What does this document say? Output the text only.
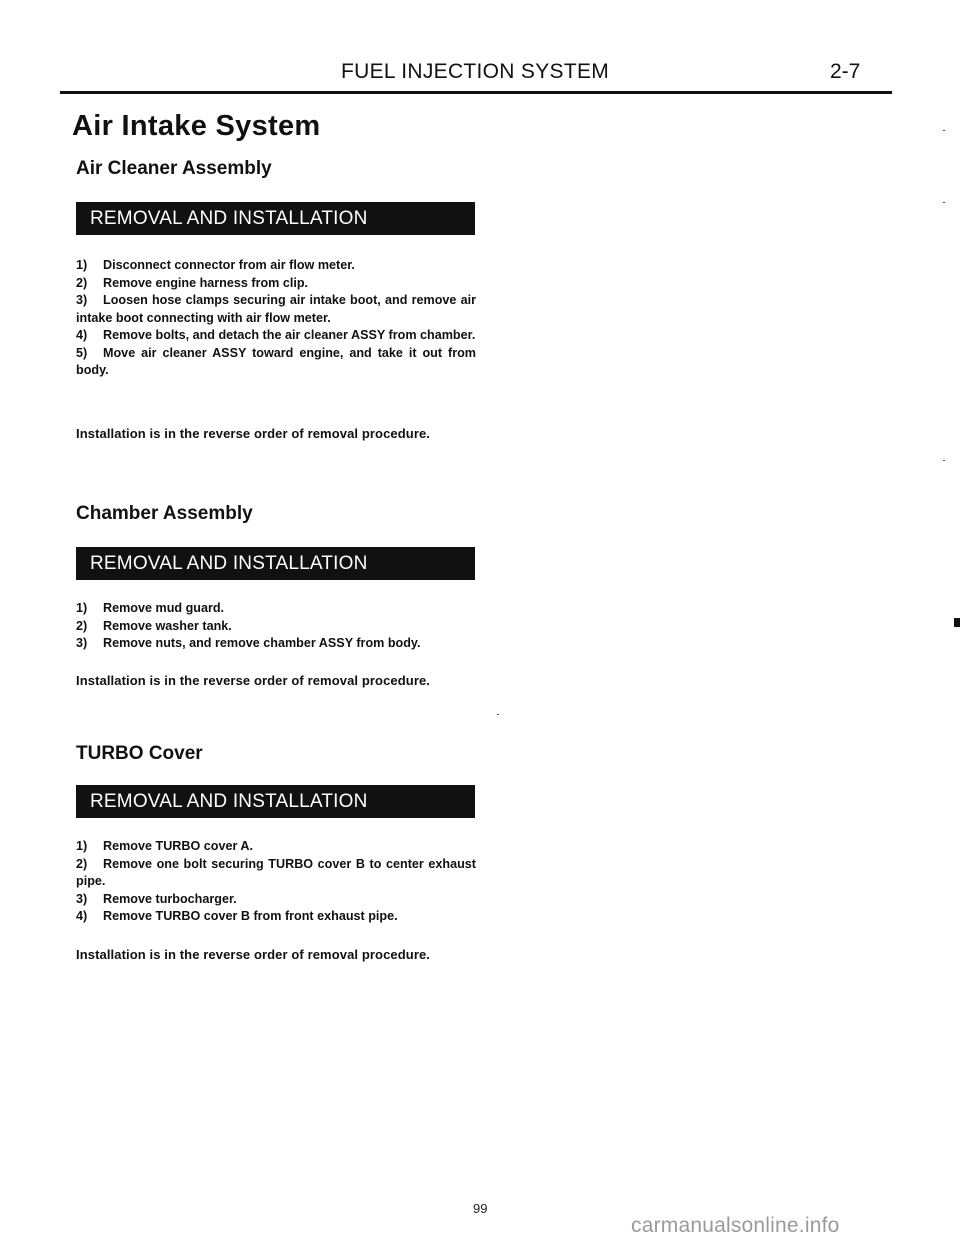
FUEL INJECTION SYSTEM	2-7
Air Intake System
Air Cleaner Assembly
REMOVAL AND INSTALLATION
1) Disconnect connector from air flow meter.
2) Remove engine harness from clip.
3) Loosen hose clamps securing air intake boot, and remove air intake boot connecting with air flow meter.
4) Remove bolts, and detach the air cleaner ASSY from chamber.
5) Move air cleaner ASSY toward engine, and take it out from body.
Installation is in the reverse order of removal procedure.
Chamber Assembly
REMOVAL AND INSTALLATION
1) Remove mud guard.
2) Remove washer tank.
3) Remove nuts, and remove chamber ASSY from body.
Installation is in the reverse order of removal procedure.
TURBO Cover
REMOVAL AND INSTALLATION
1) Remove TURBO cover A.
2) Remove one bolt securing TURBO cover B to center exhaust pipe.
3) Remove turbocharger.
4) Remove TURBO cover B from front exhaust pipe.
Installation is in the reverse order of removal procedure.
99
carmanualsonline.info
